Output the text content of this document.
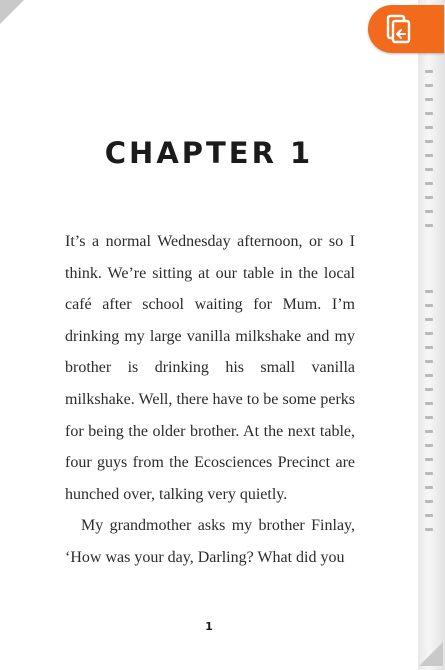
CHAPTER 1

It’s a normal Wednesday afternoon, or so I think. We’re sitting at our table in the local café after school waiting for Mum. I’m drinking my large vanilla milkshake and my brother is drinking his small vanilla milkshake. Well, there have to be some perks for being the older brother. At the next table, four guys from the Ecosciences Precinct are hunched over, talking very quietly.

My grandmother asks my brother Finlay, ‘How was your day, Darling? What did you

1
